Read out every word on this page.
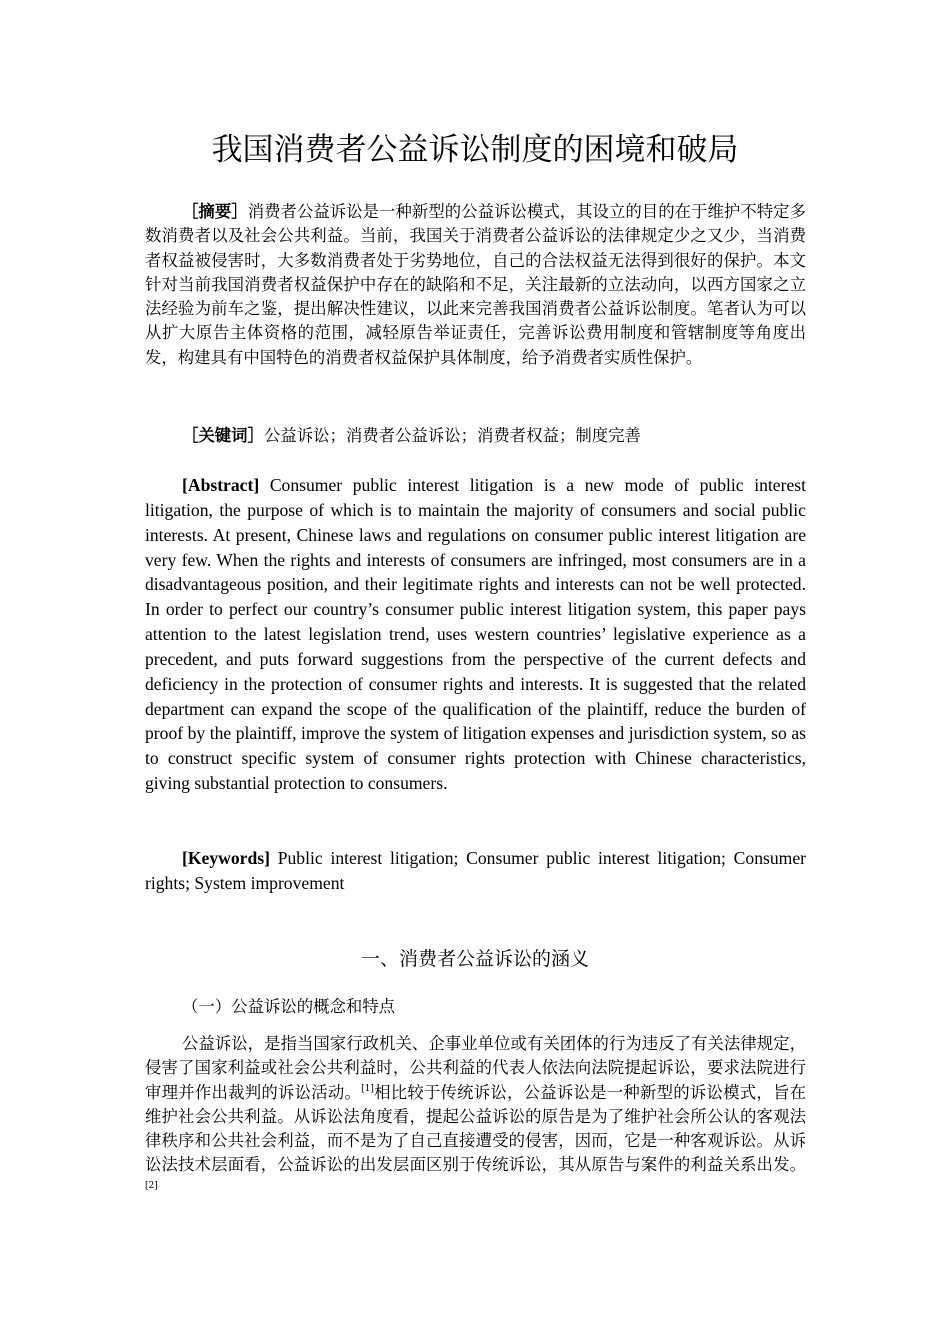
我国消费者公益诉讼制度的困境和破局

［摘要］消费者公益诉讼是一种新型的公益诉讼模式，其设立的目的在于维护不特定多数消费者以及社会公共利益。当前，我国关于消费者公益诉讼的法律规定少之又少，当消费者权益被侵害时，大多数消费者处于劣势地位，自己的合法权益无法得到很好的保护。本文针对当前我国消费者权益保护中存在的缺陷和不足，关注最新的立法动向，以西方国家之立法经验为前车之鉴，提出解决性建议，以此来完善我国消费者公益诉讼制度。笔者认为可以从扩大原告主体资格的范围，减轻原告举证责任，完善诉讼费用制度和管辖制度等角度出发，构建具有中国特色的消费者权益保护具体制度，给予消费者实质性保护。

［关键词］公益诉讼；消费者公益诉讼；消费者权益；制度完善

[Abstract] Consumer public interest litigation is a new mode of public interest litigation, the purpose of which is to maintain the majority of consumers and social public interests. At present, Chinese laws and regulations on consumer public interest litigation are very few. When the rights and interests of consumers are infringed, most consumers are in a disadvantageous position, and their legitimate rights and interests can not be well protected. In order to perfect our country’s consumer public interest litigation system, this paper pays attention to the latest legislation trend, uses western countries’ legislative experience as a precedent, and puts forward suggestions from the perspective of the current defects and deficiency in the protection of consumer rights and interests. It is suggested that the related department can expand the scope of the qualification of the plaintiff, reduce the burden of proof by the plaintiff, improve the system of litigation expenses and jurisdiction system, so as to construct specific system of consumer rights protection with Chinese characteristics, giving substantial protection to consumers.

[Keywords] Public interest litigation; Consumer public interest litigation; Consumer rights; System improvement

一、消费者公益诉讼的涵义
（一）公益诉讼的概念和特点

公益诉讼，是指当国家行政机关、企事业单位或有关团体的行为违反了有关法律规定，侵害了国家利益或社会公共利益时，公共利益的代表人依法向法院提起诉讼，要求法院进行审理并作出裁判的诉讼活动。[1]相比较于传统诉讼，公益诉讼是一种新型的诉讼模式，旨在维护社会公共利益。从诉讼法角度看，提起公益诉讼的原告是为了维护社会所公认的客观法律秩序和公共社会利益，而不是为了自己直接遭受的侵害，因而，它是一种客观诉讼。从诉讼法技术层面看，公益诉讼的出发层面区别于传统诉讼，其从原告与案件的利益关系出发。[2]
